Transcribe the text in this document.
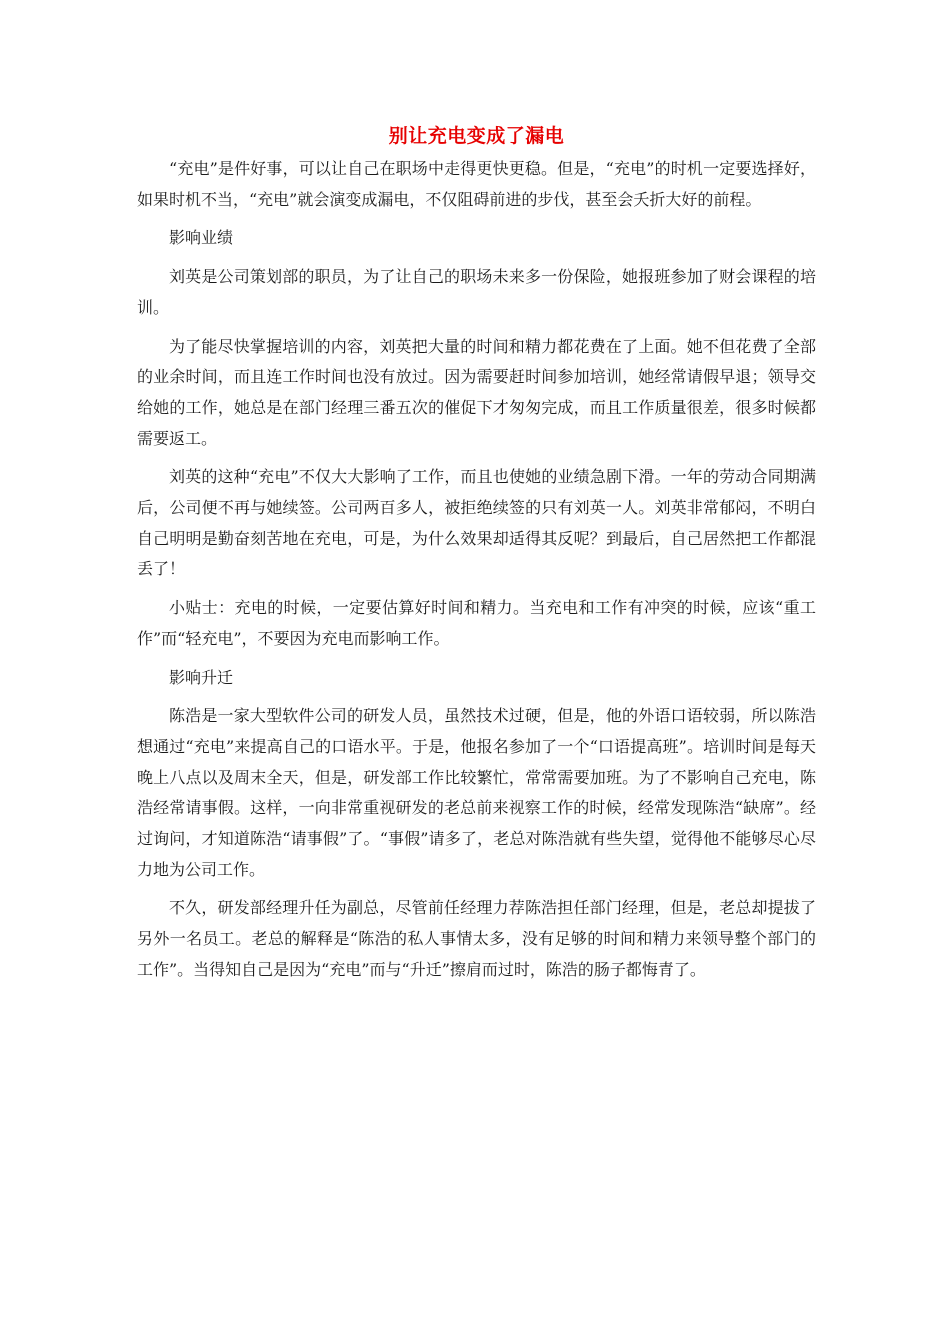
别让充电变成了漏电

“充电”是件好事，可以让自己在职场中走得更快更稳。但是，“充电”的时机一定要选择好，如果时机不当，“充电”就会演变成漏电，不仅阻碍前进的步伐，甚至会夭折大好的前程。

影响业绩

刘英是公司策划部的职员，为了让自己的职场未来多一份保险，她报班参加了财会课程的培训。

为了能尽快掌握培训的内容，刘英把大量的时间和精力都花费在了上面。她不但花费了全部的业余时间，而且连工作时间也没有放过。因为需要赶时间参加培训，她经常请假早退；领导交给她的工作，她总是在部门经理三番五次的催促下才匆匆完成，而且工作质量很差，很多时候都需要返工。

刘英的这种“充电”不仅大大影响了工作，而且也使她的业绩急剧下滑。一年的劳动合同期满后，公司便不再与她续签。公司两百多人，被拒绝续签的只有刘英一人。刘英非常郁闷，不明白自己明明是勤奋刻苦地在充电，可是，为什么效果却适得其反呢？到最后，自己居然把工作都混丢了！

小贴士：充电的时候，一定要估算好时间和精力。当充电和工作有冲突的时候，应该“重工作”而“轻充电”，不要因为充电而影响工作。

影响升迁

陈浩是一家大型软件公司的研发人员，虽然技术过硬，但是，他的外语口语较弱，所以陈浩想通过“充电”来提高自己的口语水平。于是，他报名参加了一个“口语提高班”。培训时间是每天晚上八点以及周末全天，但是，研发部工作比较繁忙，常常需要加班。为了不影响自己充电，陈浩经常请事假。这样，一向非常重视研发的老总前来视察工作的时候，经常发现陈浩“缺席”。经过询问，才知道陈浩“请事假”了。“事假”请多了，老总对陈浩就有些失望，觉得他不能够尽心尽力地为公司工作。

不久，研发部经理升任为副总，尽管前任经理力荐陈浩担任部门经理，但是，老总却提拔了另外一名员工。老总的解释是“陈浩的私人事情太多，没有足够的时间和精力来领导整个部门的工作”。当得知自己是因为“充电”而与“升迁”擦肩而过时，陈浩的肠子都悔青了。
